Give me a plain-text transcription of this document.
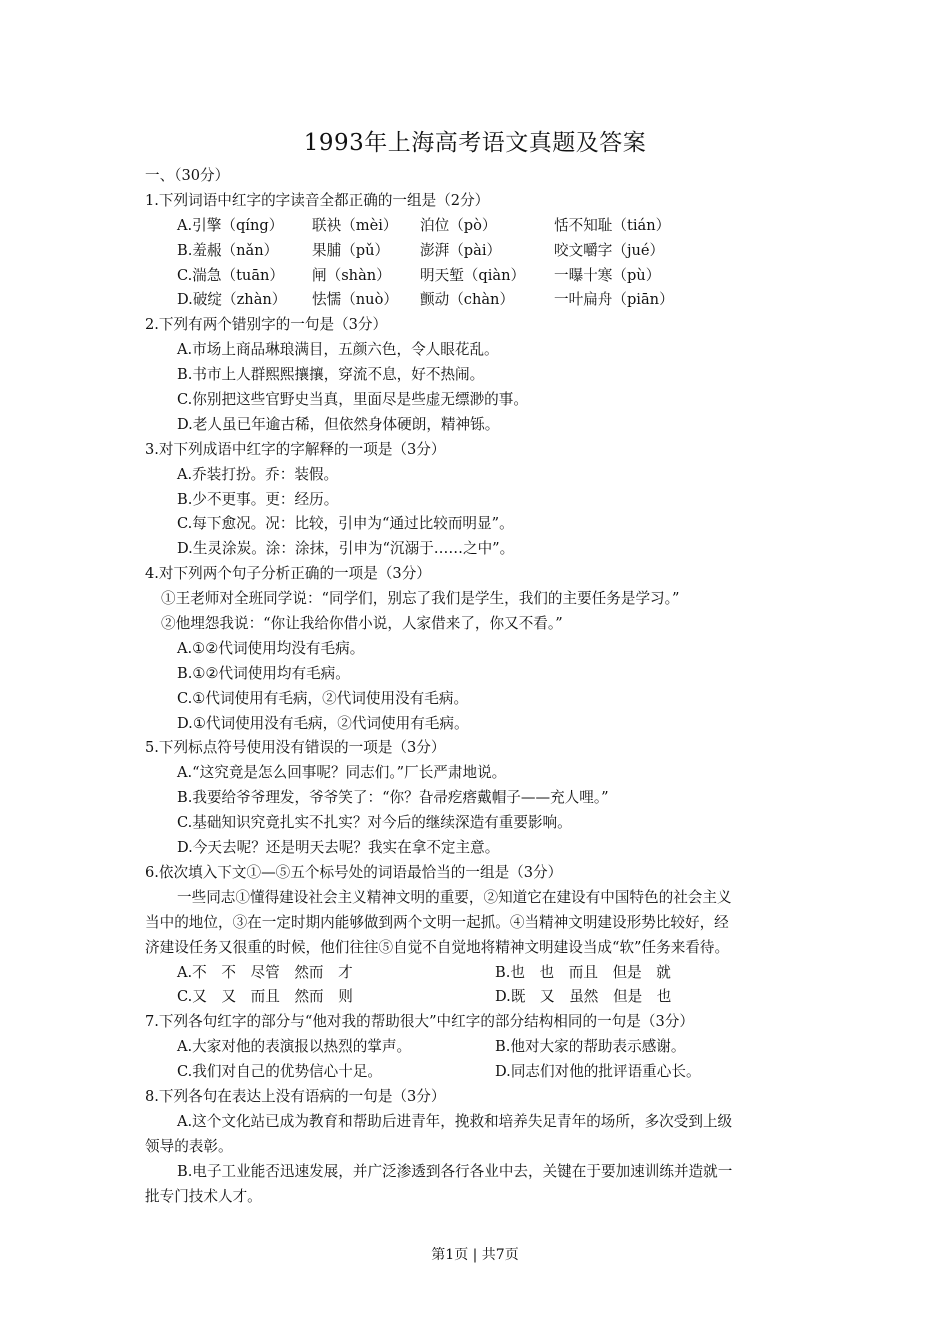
1993年上海高考语文真题及答案
一、（30分）
1.下列词语中红字的字读音全都正确的一组是（2分）
A.引擎（qíng）	联袂（mèi）	泊位（pò）	恬不知耻（tián）
B.羞赧（nǎn）	果脯（pǔ）	澎湃（pài）	咬文嚼字（jué）
C.湍急（tuān）	闸（shàn）	明天堑（qiàn）	一曝十寒（pù）
D.破绽（zhàn）	怯懦（nuò）	颤动（chàn）	一叶扁舟（piān）
2.下列有两个错别字的一句是（3分）
A.市场上商品琳琅满目，五颜六色，令人眼花乱。
B.书市上人群熙熙攘攘，穿流不息，好不热闹。
C.你别把这些官野史当真，里面尽是些虚无缥渺的事。
D.老人虽已年逾古稀，但依然身体硬朗，精神铄。
3.对下列成语中红字的字解释的一项是（3分）
A.乔装打扮。乔：装假。
B.少不更事。更：经历。
C.每下愈况。况：比较，引申为“通过比较而明显”。
D.生灵涂炭。涂：涂抹，引申为“沉溺于……之中”。
4.对下列两个句子分析正确的一项是（3分）
①王老师对全班同学说：“同学们，别忘了我们是学生，我们的主要任务是学习。”
②他埋怨我说：“你让我给你借小说，人家借来了，你又不看。”
A.①②代词使用均没有毛病。
B.①②代词使用均有毛病。
C.①代词使用有毛病，②代词使用没有毛病。
D.①代词使用没有毛病，②代词使用有毛病。
5.下列标点符号使用没有错误的一项是（3分）
A.“这究竟是怎么回事呢？同志们。”厂长严肃地说。
B.我要给爷爷理发，爷爷笑了：“你？旮帚疙瘩戴帽子——充人哩。”
C.基础知识究竟扎实不扎实？对今后的继续深造有重要影响。
D.今天去呢？还是明天去呢？我实在拿不定主意。
6.依次填入下文①—⑤五个标号处的词语最恰当的一组是（3分）
一些同志①懂得建设社会主义精神文明的重要，②知道它在建设有中国特色的社会主义
当中的地位，③在一定时期内能够做到两个文明一起抓。④当精神文明建设形势比较好，经
济建设任务又很重的时候，他们往往⑤自觉不自觉地将精神文明建设当成“软”任务来看待。
A.不　不　尽管　然而　才	B.也　也　而且　但是　就
C.又　又　而且　然而　则	D.既　又　虽然　但是　也
7.下列各句红字的部分与“他对我的帮助很大”中红字的部分结构相同的一句是（3分）
A.大家对他的表演报以热烈的掌声。	B.他对大家的帮助表示感谢。
C.我们对自己的优势信心十足。	D.同志们对他的批评语重心长。
8.下列各句在表达上没有语病的一句是（3分）
A.这个文化站已成为教育和帮助后进青年，挽救和培养失足青年的场所，多次受到上级
领导的表彰。
B.电子工业能否迅速发展，并广泛渗透到各行各业中去，关键在于要加速训练并造就一
批专门技术人才。
第1页 | 共7页
